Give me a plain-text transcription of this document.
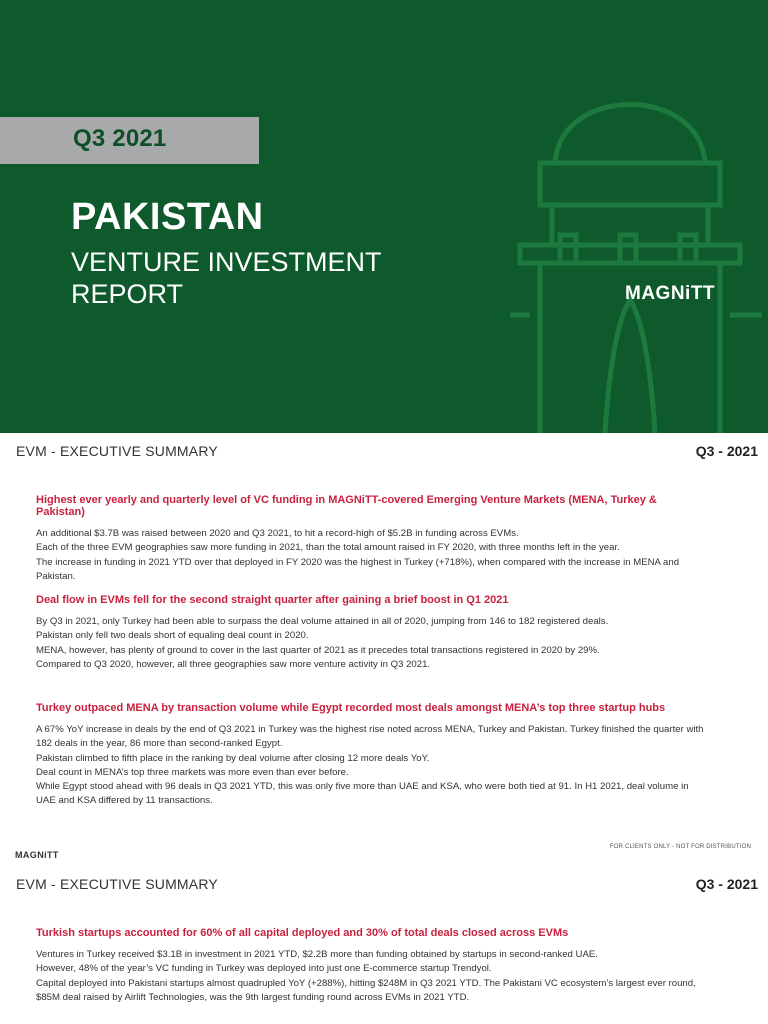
Q3 2021
PAKISTAN
VENTURE INVESTMENT REPORT	MAGNiTT
EVM - EXECUTIVE SUMMARY	Q3 - 2021

Highest ever yearly and quarterly level of VC funding in MAGNiTT-covered Emerging Venture Markets (MENA, Turkey & Pakistan)

An additional $3.7B was raised between 2020 and Q3 2021, to hit a record-high of $5.2B in funding across EVMs.

Each of the three EVM geographies saw more funding in 2021, than the total amount raised in FY 2020, with three months left in the year.

The increase in funding in 2021 YTD over that deployed in FY 2020 was the highest in Turkey (+718%), when compared with the increase in MENA and Pakistan.

Deal flow in EVMs fell for the second straight quarter after gaining a brief boost in Q1 2021

By Q3 in 2021, only Turkey had been able to surpass the deal volume attained in all of 2020, jumping from 146 to 182 registered deals.

Pakistan only fell two deals short of equaling deal count in 2020.

MENA, however, has plenty of ground to cover in the last quarter of 2021 as it precedes total transactions registered in 2020 by 29%.

Compared to Q3 2020, however, all three geographies saw more venture activity in Q3 2021.

Turkey outpaced MENA by transaction volume while Egypt recorded most deals amongst MENA’s top three startup hubs

A 67% YoY increase in deals by the end of Q3 2021 in Turkey was the highest rise noted across MENA, Turkey and Pakistan. Turkey finished the quarter with 182 deals in the year, 86 more than second-ranked Egypt.

Pakistan climbed to fifth place in the ranking by deal volume after closing 12 more deals YoY.

Deal count in MENA’s top three markets was more even than ever before.

While Egypt stood ahead with 96 deals in Q3 2021 YTD, this was only five more than UAE and KSA, who were both tied at 91. In H1 2021, deal volume in UAE and KSA differed by 11 transactions.

FOR CLIENTS ONLY - NOT FOR DISTRIBUTION
MAGNiTT
EVM - EXECUTIVE SUMMARY	Q3 - 2021

Turkish startups accounted for 60% of all capital deployed and 30% of total deals closed across EVMs

Ventures in Turkey received $3.1B in investment in 2021 YTD, $2.2B more than funding obtained by startups in second-ranked UAE.

However, 48% of the year’s VC funding in Turkey was deployed into just one E-commerce startup Trendyol.

Capital deployed into Pakistani startups almost quadrupled YoY (+288%), hitting $248M in Q3 2021 YTD. The Pakistani VC ecosystem’s largest ever round, $85M deal raised by Airlift Technologies, was the 9th largest funding round across EVMs in 2021 YTD.
